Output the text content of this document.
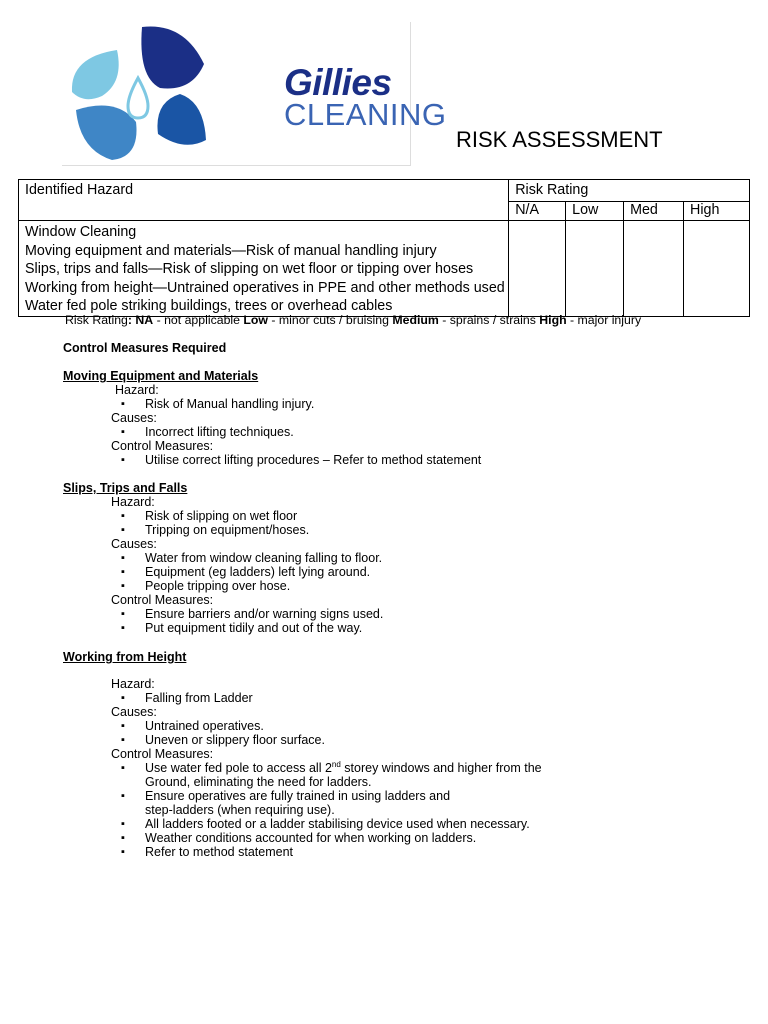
Gillies
CLEANING
RISK ASSESSMENT
Identified Hazard	Risk Rating			
	N/A	Low	Med	High

Window Cleaning
Moving equipment and materials—Risk of manual handling injury
Slips, trips and falls—Risk of slipping on wet floor or tipping over hoses
Working from height—Untrained operatives in PPE and other methods used
Water fed pole striking buildings, trees or overhead cables				

Risk Rating: NA - not applicable Low - minor cuts / bruising Medium - sprains / strains High - major injury
Control Measures Required
Moving Equipment and Materials
Hazard:
▪ Risk of Manual handling injury.
Causes:
▪ Incorrect lifting techniques.
Control Measures:
▪ Utilise correct lifting procedures – Refer to method statement
Slips, Trips and Falls
Hazard:
▪ Risk of slipping on wet floor
▪ Tripping on equipment/hoses.
Causes:
▪ Water from window cleaning falling to floor.
▪ Equipment (eg ladders) left lying around.
▪ People tripping over hose.
Control Measures:
▪ Ensure barriers and/or warning signs used.
▪ Put equipment tidily and out of the way.
Working from Height
Hazard:
▪ Falling from Ladder
Causes:
▪ Untrained operatives.
▪ Uneven or slippery floor surface.
Control Measures:
▪ Use water fed pole to access all 2nd storey windows and higher from the
Ground, eliminating the need for ladders.
▪ Ensure operatives are fully trained in using ladders and
step-ladders (when requiring use).
▪ All ladders footed or a ladder stabilising device used when necessary.
▪ Weather conditions accounted for when working on ladders.
▪ Refer to method statement
